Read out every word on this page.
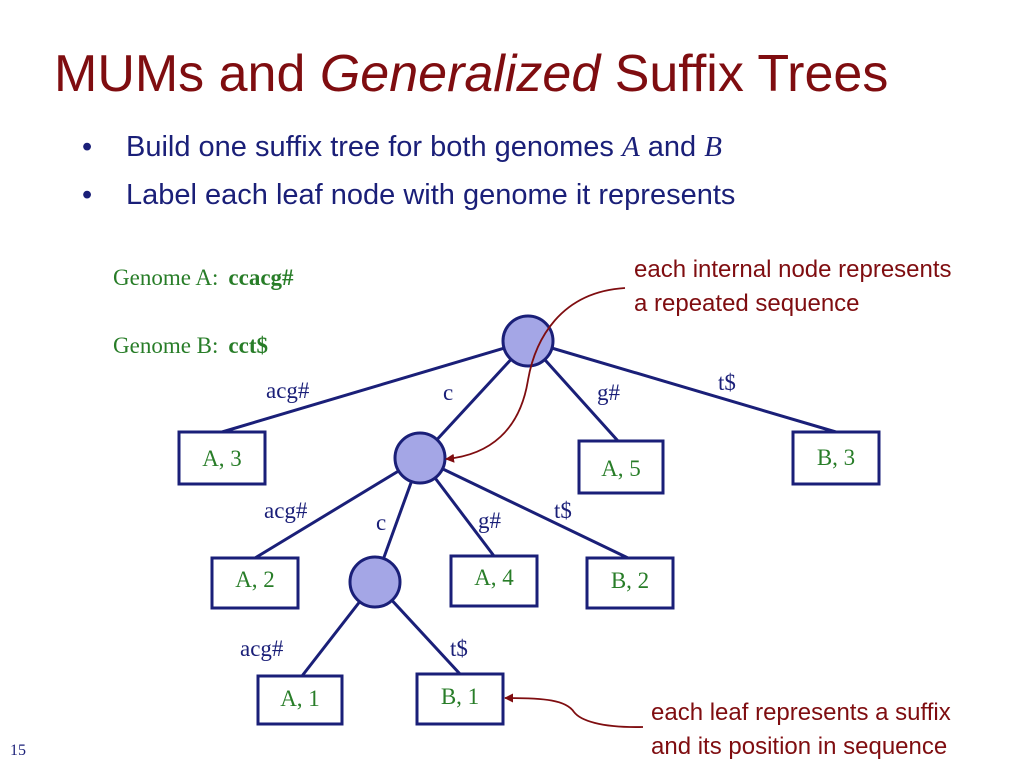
MUMs and Generalized Suffix Trees
• Build one suffix tree for both genomes A and B
• Label each leaf node with genome it represents
Genome A: ccacg#
Genome B: cct$
acg#	c	g#	t$
acg#	c	g# t$
acg#	t$
A, 3	A, 5	B, 3
A, 2	A, 4	B, 2
A, 1	B, 1
each internal node represents
a repeated sequence
each leaf represents a suffix
and its position in sequence
15
